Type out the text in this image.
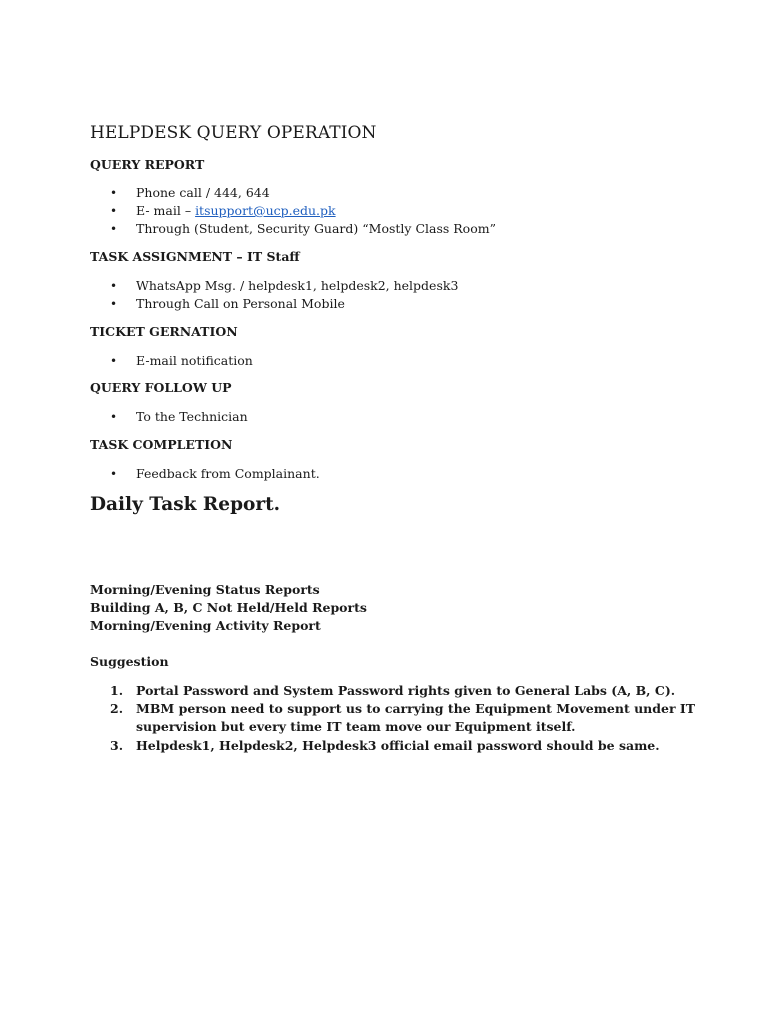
HELPDESK QUERY OPERATION
QUERY REPORT
• Phone call / 444, 644
• E- mail – itsupport@ucp.edu.pk
• Through (Student, Security Guard) “Mostly Class Room”
TASK ASSIGNMENT – IT Staff
• WhatsApp Msg. / helpdesk1, helpdesk2, helpdesk3
• Through Call on Personal Mobile
TICKET GERNATION
• E-mail notification
QUERY FOLLOW UP
• To the Technician
TASK COMPLETION
• Feedback from Complainant.
Daily Task Report.
Morning/Evening Status Reports
Building A, B, C Not Held/Held Reports
Morning/Evening Activity Report
Suggestion
1. Portal Password and System Password rights given to General Labs (A, B, C).
2. MBM person need to support us to carrying the Equipment Movement under IT
supervision but every time IT team move our Equipment itself.
3. Helpdesk1, Helpdesk2, Helpdesk3 official email password should be same.
